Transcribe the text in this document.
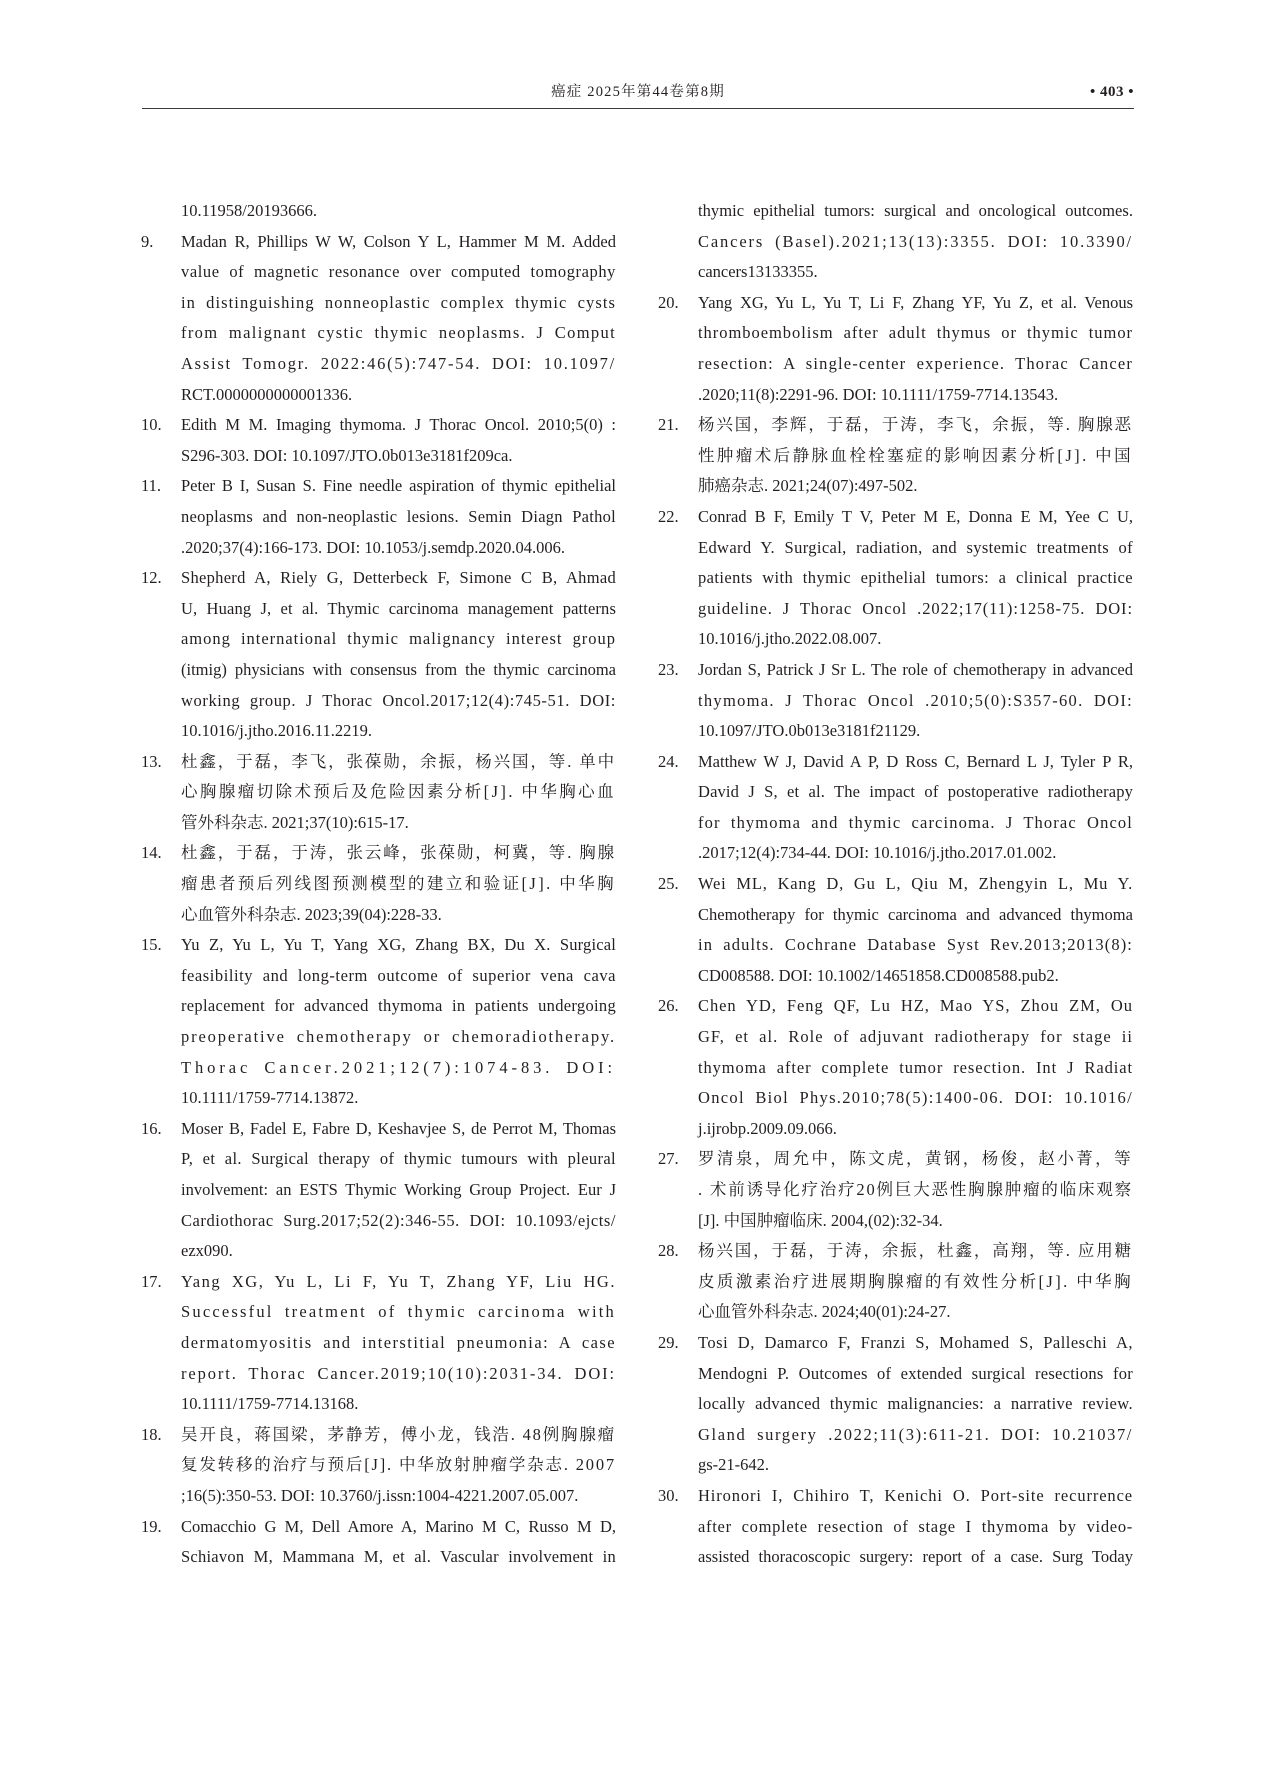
癌症 2025年第44卷第8期	• 403 •
10.11958/20193666.
9.	Madan R, Phillips W W, Colson Y L, Hammer M M. Added
value of magnetic resonance over computed tomography
in distinguishing nonneoplastic complex thymic cysts
from malignant cystic thymic neoplasms. J Comput
Assist Tomogr. 2022:46(5):747-54. DOI: 10.1097/
RCT.0000000000001336.
10.	Edith M M. Imaging thymoma. J Thorac Oncol. 2010;5(0) :
S296-303. DOI: 10.1097/JTO.0b013e3181f209ca.
11.	Peter B I, Susan S. Fine needle aspiration of thymic epithelial
neoplasms and non-neoplastic lesions. Semin Diagn Pathol
.2020;37(4):166-173. DOI: 10.1053/j.semdp.2020.04.006.
12.	Shepherd A, Riely G, Detterbeck F, Simone C B, Ahmad
U, Huang J, et al. Thymic carcinoma management patterns
among international thymic malignancy interest group
(itmig) physicians with consensus from the thymic carcinoma
working group. J Thorac Oncol.2017;12(4):745-51. DOI:
10.1016/j.jtho.2016.11.2219.
13.	杜鑫，于磊，李飞，张葆勋，余振，杨兴国，等. 单中
心胸腺瘤切除术预后及危险因素分析[J]. 中华胸心血
管外科杂志. 2021;37(10):615-17.
14.	杜鑫，于磊，于涛，张云峰，张葆勋，柯冀，等. 胸腺
瘤患者预后列线图预测模型的建立和验证[J]. 中华胸
心血管外科杂志. 2023;39(04):228-33.
15.	Yu Z, Yu L, Yu T, Yang XG, Zhang BX, Du X. Surgical
feasibility and long-term outcome of superior vena cava
replacement for advanced thymoma in patients undergoing
preoperative chemotherapy or chemoradiotherapy.
Thorac Cancer.2021;12(7):1074-83. DOI:
10.1111/1759-7714.13872.
16.	Moser B, Fadel E, Fabre D, Keshavjee S, de Perrot M, Thomas
P, et al. Surgical therapy of thymic tumours with pleural
involvement: an ESTS Thymic Working Group Project. Eur J
Cardiothorac Surg.2017;52(2):346-55. DOI: 10.1093/ejcts/
ezx090.
17.	Yang XG, Yu L, Li F, Yu T, Zhang YF, Liu HG.
Successful treatment of thymic carcinoma with
dermatomyositis and interstitial pneumonia: A case
report. Thorac Cancer.2019;10(10):2031-34. DOI:
10.1111/1759-7714.13168.
18.	吴开良，蒋国梁，茅静芳，傅小龙，钱浩. 48例胸腺瘤
复发转移的治疗与预后[J]. 中华放射肿瘤学杂志. 2007
;16(5):350-53. DOI: 10.3760/j.issn:1004-4221.2007.05.007.
19.	Comacchio G M, Dell Amore A, Marino M C, Russo M D,
Schiavon M, Mammana M, et al. Vascular involvement in
thymic epithelial tumors: surgical and oncological outcomes.
Cancers (Basel).2021;13(13):3355. DOI: 10.3390/
cancers13133355.
20.	Yang XG, Yu L, Yu T, Li F, Zhang YF, Yu Z, et al. Venous
thromboembolism after adult thymus or thymic tumor
resection: A single-center experience. Thorac Cancer
.2020;11(8):2291-96. DOI: 10.1111/1759-7714.13543.
21.	杨兴国，李辉，于磊，于涛，李飞，余振，等. 胸腺恶
性肿瘤术后静脉血栓栓塞症的影响因素分析[J]. 中国
肺癌杂志. 2021;24(07):497-502.
22.	Conrad B F, Emily T V, Peter M E, Donna E M, Yee C U,
Edward Y. Surgical, radiation, and systemic treatments of
patients with thymic epithelial tumors: a clinical practice
guideline. J Thorac Oncol .2022;17(11):1258-75. DOI:
10.1016/j.jtho.2022.08.007.
23.	Jordan S, Patrick J Sr L. The role of chemotherapy in advanced
thymoma. J Thorac Oncol .2010;5(0):S357-60. DOI:
10.1097/JTO.0b013e3181f21129.
24.	Matthew W J, David A P, D Ross C, Bernard L J, Tyler P R,
David J S, et al. The impact of postoperative radiotherapy
for thymoma and thymic carcinoma. J Thorac Oncol
.2017;12(4):734-44. DOI: 10.1016/j.jtho.2017.01.002.
25.	Wei ML, Kang D, Gu L, Qiu M, Zhengyin L, Mu Y.
Chemotherapy for thymic carcinoma and advanced thymoma
in adults. Cochrane Database Syst Rev.2013;2013(8):
CD008588. DOI: 10.1002/14651858.CD008588.pub2.
26.	Chen YD, Feng QF, Lu HZ, Mao YS, Zhou ZM, Ou
GF, et al. Role of adjuvant radiotherapy for stage ii
thymoma after complete tumor resection. Int J Radiat
Oncol Biol Phys.2010;78(5):1400-06. DOI: 10.1016/
j.ijrobp.2009.09.066.
27.	罗清泉，周允中，陈文虎，黄钢，杨俊，赵小菁，等
. 术前诱导化疗治疗20例巨大恶性胸腺肿瘤的临床观察
[J]. 中国肿瘤临床. 2004,(02):32-34.
28.	杨兴国，于磊，于涛，余振，杜鑫，高翔，等. 应用糖
皮质激素治疗进展期胸腺瘤的有效性分析[J]. 中华胸
心血管外科杂志. 2024;40(01):24-27.
29.	Tosi D, Damarco F, Franzi S, Mohamed S, Palleschi A,
Mendogni P. Outcomes of extended surgical resections for
locally advanced thymic malignancies: a narrative review.
Gland surgery .2022;11(3):611-21. DOI: 10.21037/
gs-21-642.
30.	Hironori I, Chihiro T, Kenichi O. Port-site recurrence
after complete resection of stage I thymoma by video-
assisted thoracoscopic surgery: report of a case. Surg Today
